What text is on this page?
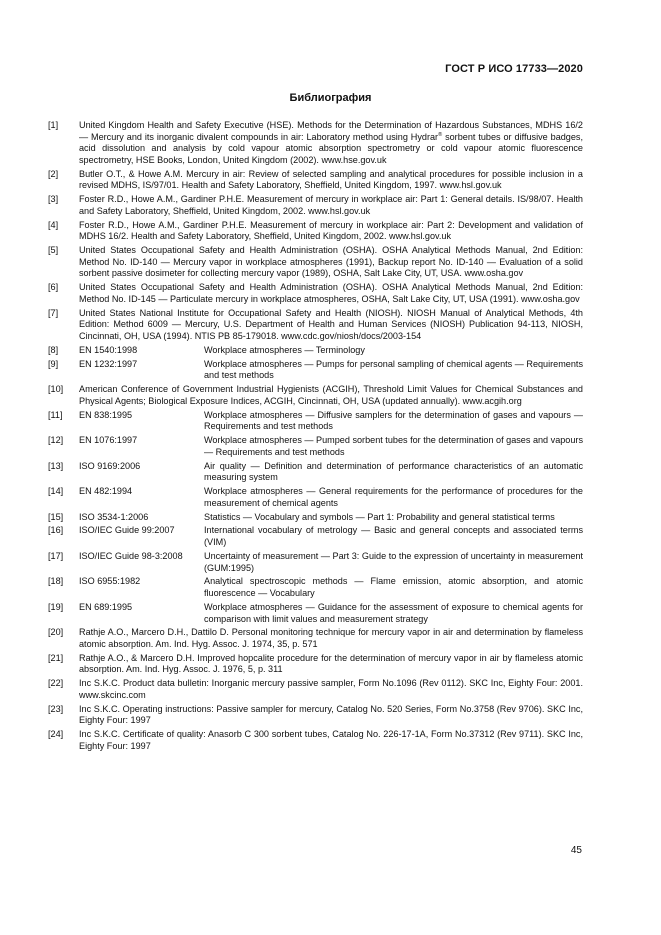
ГОСТ Р ИСО 17733—2020
Библиография
[1] United Kingdom Health and Safety Executive (HSE). Methods for the Determination of Hazardous Substances, MDHS 16/2 — Mercury and its inorganic divalent compounds in air: Laboratory method using Hydrar® sorbent tubes or diffusive badges, acid dissolution and analysis by cold vapour atomic absorption spectrometry or cold vapour atomic fluorescence spectrometry, HSE Books, London, United Kingdom (2002). www.hse.gov.uk
[2] Butler O.T., & Howe A.M. Mercury in air: Review of selected sampling and analytical procedures for possible inclusion in a revised MDHS, IS/97/01. Health and Safety Laboratory, Sheffield, United Kingdom, 1997. www.hsl.gov.uk
[3] Foster R.D., Howe A.M., Gardiner P.H.E. Measurement of mercury in workplace air: Part 1: General details. IS/98/07. Health and Safety Laboratory, Sheffield, United Kingdom, 2002. www.hsl.gov.uk
[4] Foster R.D., Howe A.M., Gardiner P.H.E. Measurement of mercury in workplace air: Part 2: Development and validation of MDHS 16/2. Health and Safety Laboratory, Sheffield, United Kingdom, 2002. www.hsl.gov.uk
[5] United States Occupational Safety and Health Administration (OSHA). OSHA Analytical Methods Manual, 2nd Edition: Method No. ID-140 — Mercury vapor in workplace atmospheres (1991), Backup report No. ID-140 — Evaluation of a solid sorbent passive dosimeter for collecting mercury vapor (1989), OSHA, Salt Lake City, UT, USA. www.osha.gov
[6] United States Occupational Safety and Health Administration (OSHA). OSHA Analytical Methods Manual, 2nd Edition: Method No. ID-145 — Particulate mercury in workplace atmospheres, OSHA, Salt Lake City, UT, USA (1991). www.osha.gov
[7] United States National Institute for Occupational Safety and Health (NIOSH). NIOSH Manual of Analytical Methods, 4th Edition: Method 6009 — Mercury, U.S. Department of Health and Human Services (NIOSH) Publication 94-113, NIOSH, Cincinnati, OH, USA (1994). NTIS PB 85-179018. www.cdc.gov/niosh/docs/2003-154
[8] EN 1540:1998	Workplace atmospheres — Terminology
[9] EN 1232:1997	Workplace atmospheres — Pumps for personal sampling of chemical agents — Requirements and test methods
[10] American Conference of Government Industrial Hygienists (ACGIH), Threshold Limit Values for Chemical Substances and Physical Agents; Biological Exposure Indices, ACGIH, Cincinnati, OH, USA (updated annually). www.acgih.org
[11] EN 838:1995	Workplace atmospheres — Diffusive samplers for the determination of gases and vapours — Requirements and test methods
[12] EN 1076:1997	Workplace atmospheres — Pumped sorbent tubes for the determination of gases and vapours — Requirements and test methods
[13] ISO 9169:2006	Air quality — Definition and determination of performance characteristics of an automatic measuring system
[14] EN 482:1994	Workplace atmospheres — General requirements for the performance of procedures for the measurement of chemical agents
[15] ISO 3534-1:2006	Statistics — Vocabulary and symbols — Part 1: Probability and general statistical terms
[16] ISO/IEC Guide 99:2007	International vocabulary of metrology — Basic and general concepts and associated terms (VIM)
[17] ISO/IEC Guide 98-3:2008 Uncertainty of measurement — Part 3: Guide to the expression of uncertainty in measurement (GUM:1995)
[18] ISO 6955:1982	Analytical spectroscopic methods — Flame emission, atomic absorption, and atomic fluorescence — Vocabulary
[19] EN 689:1995	Workplace atmospheres — Guidance for the assessment of exposure to chemical agents for comparison with limit values and measurement strategy
[20] Rathje A.O., Marcero D.H., Dattilo D. Personal monitoring technique for mercury vapor in air and determination by flameless atomic absorption. Am. Ind. Hyg. Assoc. J. 1974, 35, p. 571
[21] Rathje A.O., & Marcero D.H. Improved hopcalite procedure for the determination of mercury vapor in air by flameless atomic absorption. Am. Ind. Hyg. Assoc. J. 1976, 5, p. 311
[22] Inc S.K.C. Product data bulletin: Inorganic mercury passive sampler, Form No.1096 (Rev 0112). SKC Inc, Eighty Four: 2001. www.skcinc.com
[23] Inc S.K.C. Operating instructions: Passive sampler for mercury, Catalog No. 520 Series, Form No.3758 (Rev 9706). SKC Inc, Eighty Four: 1997
[24] Inc S.K.C. Certificate of quality: Anasorb C 300 sorbent tubes, Catalog No. 226-17-1A, Form No.37312 (Rev 9711). SKC Inc, Eighty Four: 1997
45
